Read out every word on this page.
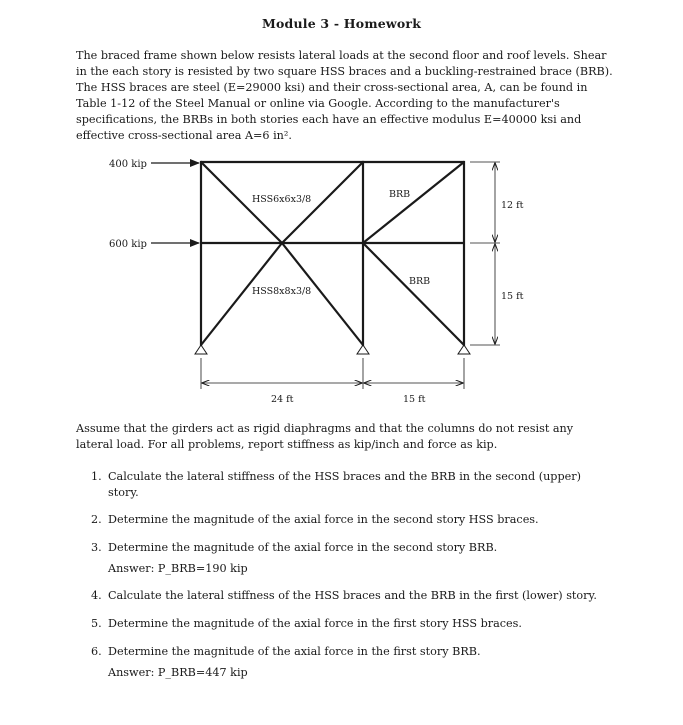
Module 3 - Homework
The braced frame shown below resists lateral loads at the second floor and roof levels. Shear
in the each story is resisted by two square HSS braces and a buckling-restrained brace (BRB).
The HSS braces are steel (E=29000 ksi) and their cross-sectional area, A, can be found in
Table 1-12 of the Steel Manual or online via Google. According to the manufacturer's
specifications, the BRBs in both stories each have an effective modulus E=40000 ksi and
effective cross-sectional area A=6 in².
400 kip
600 kip
HSS6x6x3/8
HSS8x8x3/8
BRB
BRB
12 ft
15 ft
24 ft	15 ft
Assume that the girders act as rigid diaphragms and that the columns do not resist any
lateral load. For all problems, report stiffness as kip/inch and force as kip.
1. Calculate the lateral stiffness of the HSS braces and the BRB in the second (upper) story.
2. Determine the magnitude of the axial force in the second story HSS braces.
3. Determine the magnitude of the axial force in the second story BRB.
Answer: P_BRB=190 kip
4. Calculate the lateral stiffness of the HSS braces and the BRB in the first (lower) story.
5. Determine the magnitude of the axial force in the first story HSS braces.
6. Determine the magnitude of the axial force in the first story BRB.
Answer: P_BRB=447 kip
